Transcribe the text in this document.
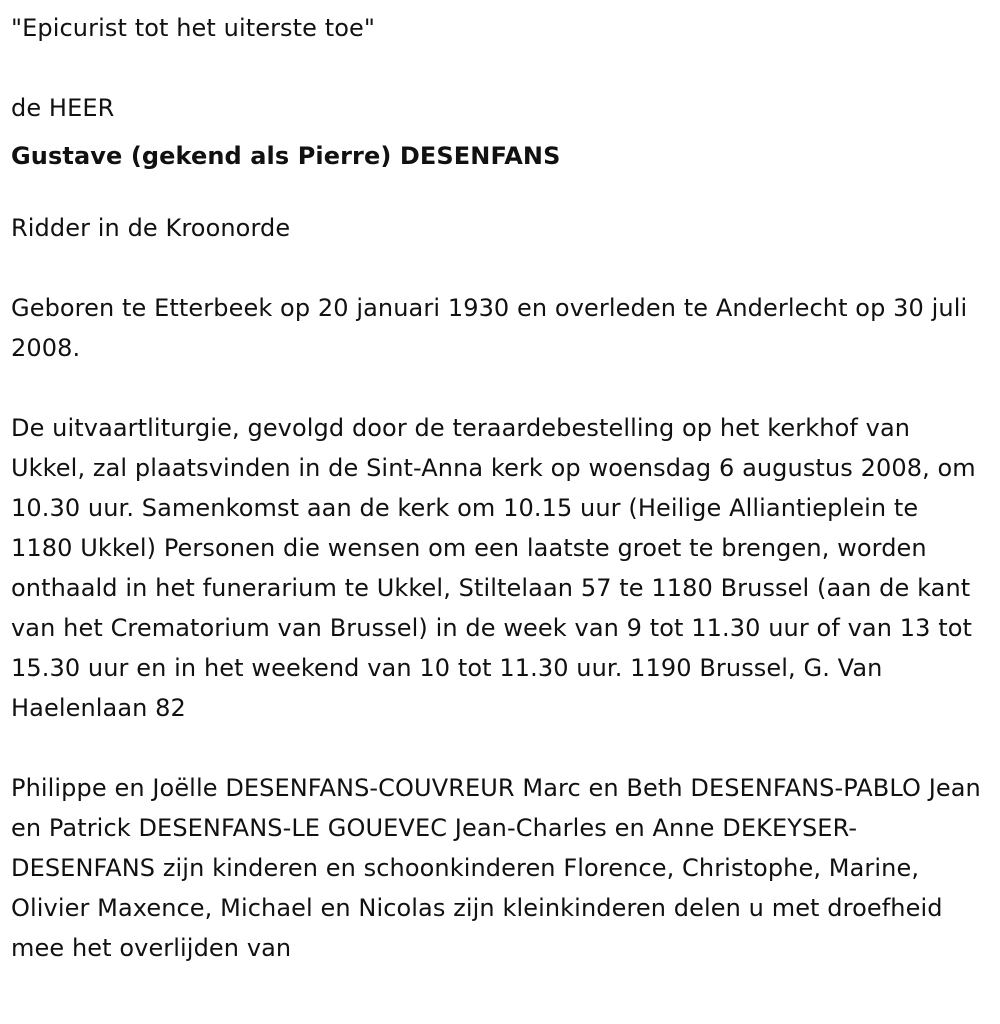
"Epicurist tot het uiterste toe"

de HEER

Gustave (gekend als Pierre) DESENFANS

Ridder in de Kroonorde

Geboren te Etterbeek op 20 januari 1930 en overleden te Anderlecht op 30 juli 2008.

De uitvaartliturgie, gevolgd door de teraardebestelling op het kerkhof van Ukkel, zal plaatsvinden in de Sint-Anna kerk op woensdag 6 augustus 2008, om 10.30 uur. Samenkomst aan de kerk om 10.15 uur (Heilige Alliantieplein te 1180 Ukkel) Personen die wensen om een laatste groet te brengen, worden onthaald in het funerarium te Ukkel, Stiltelaan 57 te 1180 Brussel (aan de kant van het Crematorium van Brussel) in de week van 9 tot 11.30 uur of van 13 tot 15.30 uur en in het weekend van 10 tot 11.30 uur. 1190 Brussel, G. Van Haelenlaan 82

Philippe en Joëlle DESENFANS-COUVREUR Marc en Beth DESENFANS-PABLO Jean en Patrick DESENFANS-LE GOUEVEC Jean-Charles en Anne DEKEYSER-DESENFANS zijn kinderen en schoonkinderen Florence, Christophe, Marine, Olivier Maxence, Michael en Nicolas zijn kleinkinderen delen u met droefheid mee het overlijden van
